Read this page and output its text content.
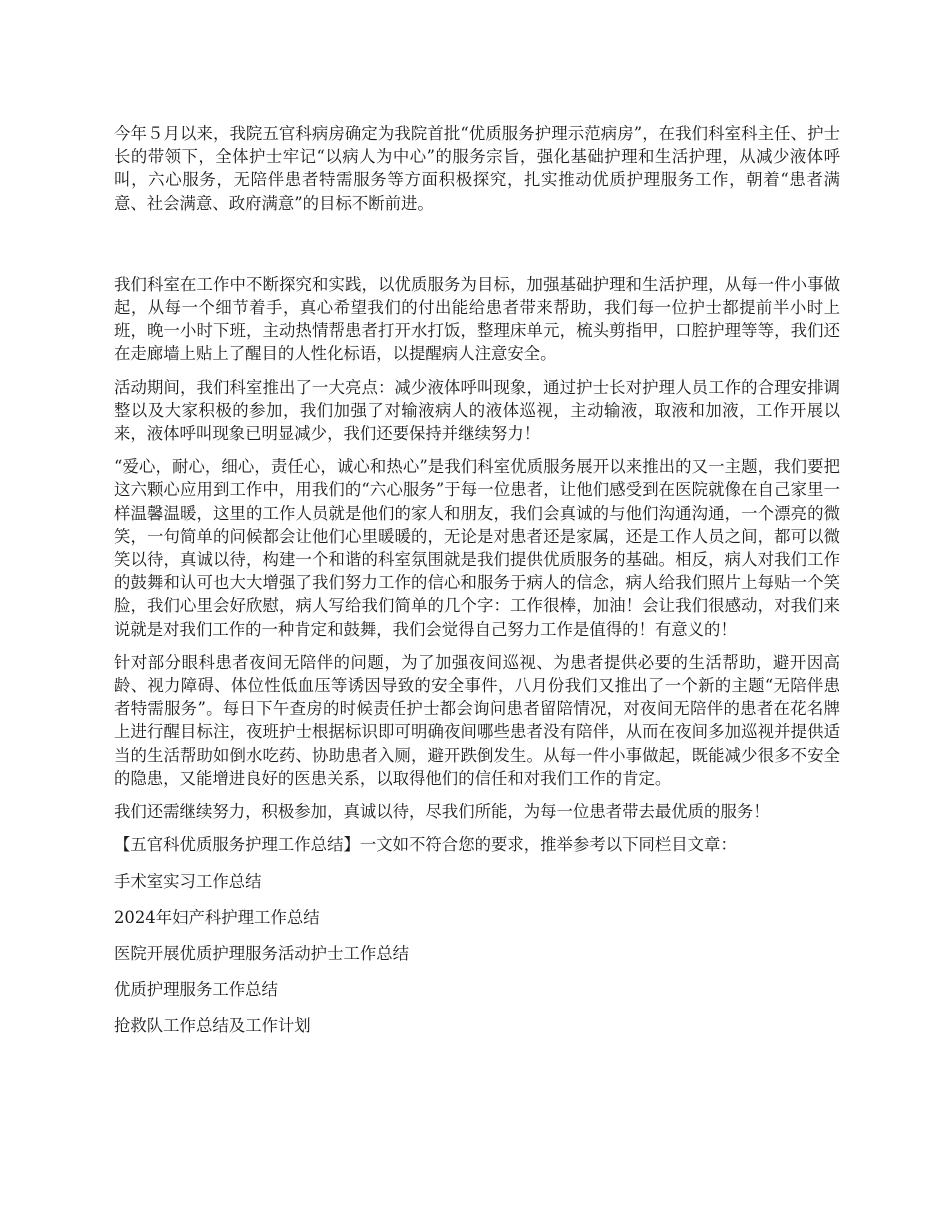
今年５月以来，我院五官科病房确定为我院首批“优质服务护理示范病房”，在我们科室科主任、护士长的带领下，全体护士牢记“以病人为中心”的服务宗旨，强化基础护理和生活护理，从减少液体呼叫，六心服务，无陪伴患者特需服务等方面积极探究，扎实推动优质护理服务工作，朝着“患者满意、社会满意、政府满意”的目标不断前进。

我们科室在工作中不断探究和实践，以优质服务为目标，加强基础护理和生活护理，从每一件小事做起，从每一个细节着手，真心希望我们的付出能给患者带来帮助，我们每一位护士都提前半小时上班，晚一小时下班，主动热情帮患者打开水打饭，整理床单元，梳头剪指甲，口腔护理等等，我们还在走廊墙上贴上了醒目的人性化标语，以提醒病人注意安全。

活动期间，我们科室推出了一大亮点：减少液体呼叫现象，通过护士长对护理人员工作的合理安排调整以及大家积极的参加，我们加强了对输液病人的液体巡视，主动输液，取液和加液，工作开展以来，液体呼叫现象已明显减少，我们还要保持并继续努力！

“爱心，耐心，细心，责任心，诚心和热心”是我们科室优质服务展开以来推出的又一主题，我们要把这六颗心应用到工作中，用我们的“六心服务”于每一位患者，让他们感受到在医院就像在自己家里一样温馨温暖，这里的工作人员就是他们的家人和朋友，我们会真诚的与他们沟通沟通，一个漂亮的微笑，一句简单的问候都会让他们心里暖暖的，无论是对患者还是家属，还是工作人员之间，都可以微笑以待，真诚以待，构建一个和谐的科室氛围就是我们提供优质服务的基础。相反，病人对我们工作的鼓舞和认可也大大增强了我们努力工作的信心和服务于病人的信念，病人给我们照片上每贴一个笑脸，我们心里会好欣慰，病人写给我们简单的几个字：工作很棒，加油！会让我们很感动，对我们来说就是对我们工作的一种肯定和鼓舞，我们会觉得自己努力工作是值得的！有意义的！

针对部分眼科患者夜间无陪伴的问题，为了加强夜间巡视、为患者提供必要的生活帮助，避开因高龄、视力障碍、体位性低血压等诱因导致的安全事件，八月份我们又推出了一个新的主题“无陪伴患者特需服务”。每日下午查房的时候责任护士都会询问患者留陪情况，对夜间无陪伴的患者在花名牌上进行醒目标注，夜班护士根据标识即可明确夜间哪些患者没有陪伴，从而在夜间多加巡视并提供适当的生活帮助如倒水吃药、协助患者入厕，避开跌倒发生。从每一件小事做起，既能减少很多不安全的隐患，又能增进良好的医患关系，以取得他们的信任和对我们工作的肯定。

我们还需继续努力，积极参加，真诚以待，尽我们所能，为每一位患者带去最优质的服务！

【五官科优质服务护理工作总结】一文如不符合您的要求，推举参考以下同栏目文章：

手术室实习工作总结
2024年妇产科护理工作总结
医院开展优质护理服务活动护士工作总结
优质护理服务工作总结
抢救队工作总结及工作计划
